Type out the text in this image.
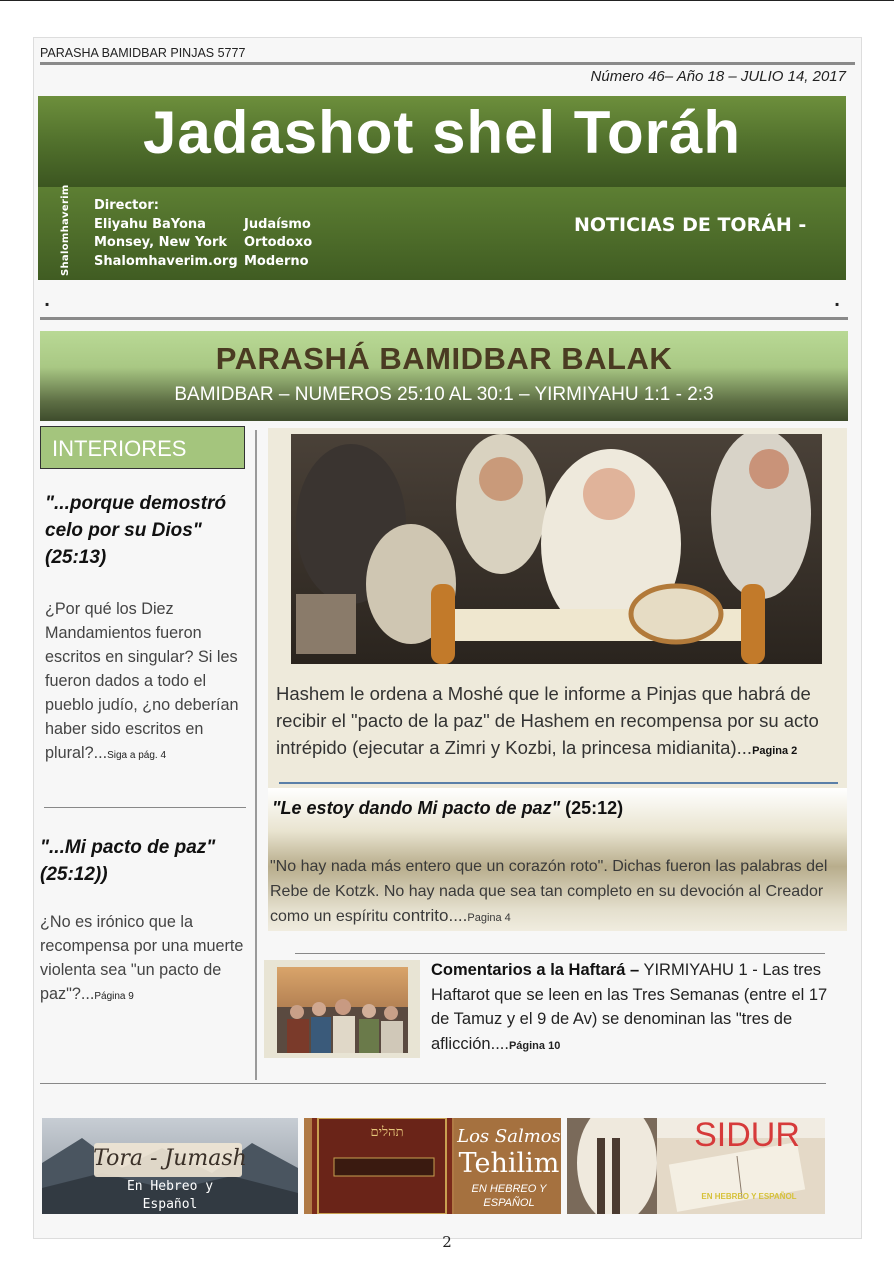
PARASHA BAMIDBAR PINJAS 5777
Número 46– Año 18 – JULIO 14, 2017
Jadashot shel Toráh
Shalomhaverim Director:
Eliyahu BaYona
Monsey, New York
Shalomhaverim.org
Judaísmo
Ortodoxo
Moderno
NOTICIAS DE TORÁH -
.	.
PARASHÁ BAMIDBAR BALAK
BAMIDBAR – NUMEROS 25:10 AL 30:1 – YIRMIYAHU 1:1 - 2:3
INTERIORES
"...porque demostró celo por su Dios"
(25:13)
¿Por qué los Diez Mandamientos fueron escritos en singular? Si les fueron dados a todo el pueblo judío, ¿no deberían haber sido escritos en plural?...Siga a pág. 4
"...Mi pacto de paz"
(25:12))
¿No es irónico que la recompensa por una muerte violenta sea "un pacto de paz"?...Página 9
Hashem le ordena a Moshé que le informe a Pinjas que habrá de recibir el "pacto de la paz" de Hashem en recompensa por su acto intrépido (ejecutar a Zimri y Kozbi, la princesa midianita)...Pagina 2
"Le estoy dando Mi pacto de paz" (25:12)
"No hay nada más entero que un corazón roto". Dichas fueron las palabras del Rebe de Kotzk. No hay nada que sea tan completo en su devoción al Creador como un espíritu contrito....Pagina 4
Comentarios a la Haftará – YIRMIYAHU 1 - Las tres Haftarot que se leen en las Tres Semanas (entre el 17 de Tamuz y el 9 de Av) se denominan las "tres de aflicción....Página 10
Tora - Jumash
En Hebreo y
Español
תהלים	Los Salmos
Tehilim
EN HEBREO Y
ESPAÑOL
SIDUR
EN HEBREO Y ESPAÑOL
2
